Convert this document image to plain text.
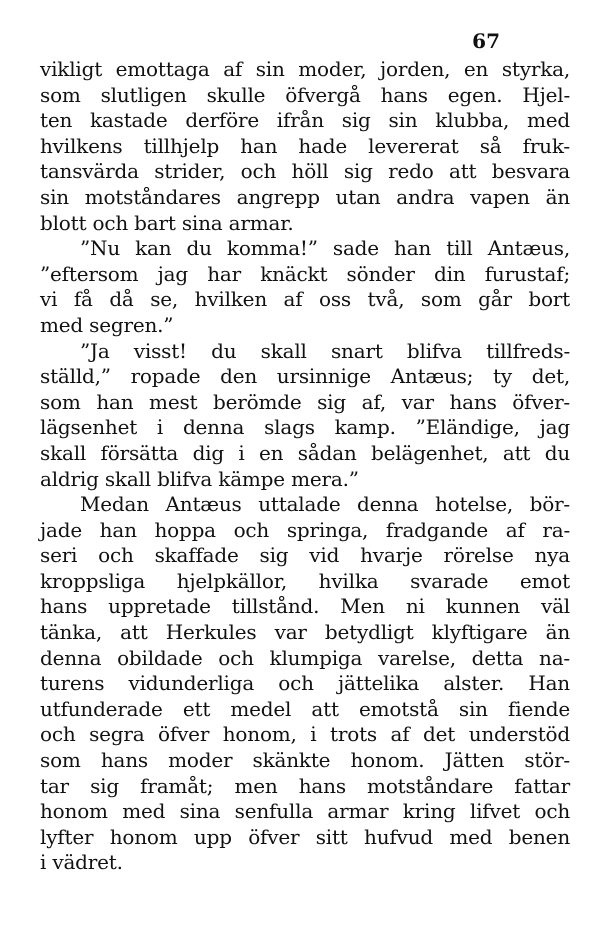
67
vikligt emottaga af sin moder, jorden, en styrka,
som slutligen skulle öfvergå hans egen. Hjel-
ten kastade derföre ifrån sig sin klubba, med
hvilkens tillhjelp han hade levererat så fruk-
tansvärda strider, och höll sig redo att besvara
sin motståndares angrepp utan andra vapen än
blott och bart sina armar.
”Nu kan du komma!” sade han till Antæus,
”eftersom jag har knäckt sönder din furustaf;
vi få då se, hvilken af oss två, som går bort
med segren.”
”Ja visst! du skall snart blifva tillfreds-
ställd,” ropade den ursinnige Antæus; ty det,
som han mest berömde sig af, var hans öfver-
lägsenhet i denna slags kamp. ”Eländige, jag
skall försätta dig i en sådan belägenhet, att du
aldrig skall blifva kämpe mera.”
Medan Antæus uttalade denna hotelse, bör-
jade han hoppa och springa, fradgande af ra-
seri och skaffade sig vid hvarje rörelse nya
kroppsliga hjelpkällor, hvilka svarade emot
hans uppretade tillstånd. Men ni kunnen väl
tänka, att Herkules var betydligt klyftigare än
denna obildade och klumpiga varelse, detta na-
turens vidunderliga och jättelika alster. Han
utfunderade ett medel att emotstå sin fiende
och segra öfver honom, i trots af det understöd
som hans moder skänkte honom. Jätten stör-
tar sig framåt; men hans motståndare fattar
honom med sina senfulla armar kring lifvet och
lyfter honom upp öfver sitt hufvud med benen
i vädret.
